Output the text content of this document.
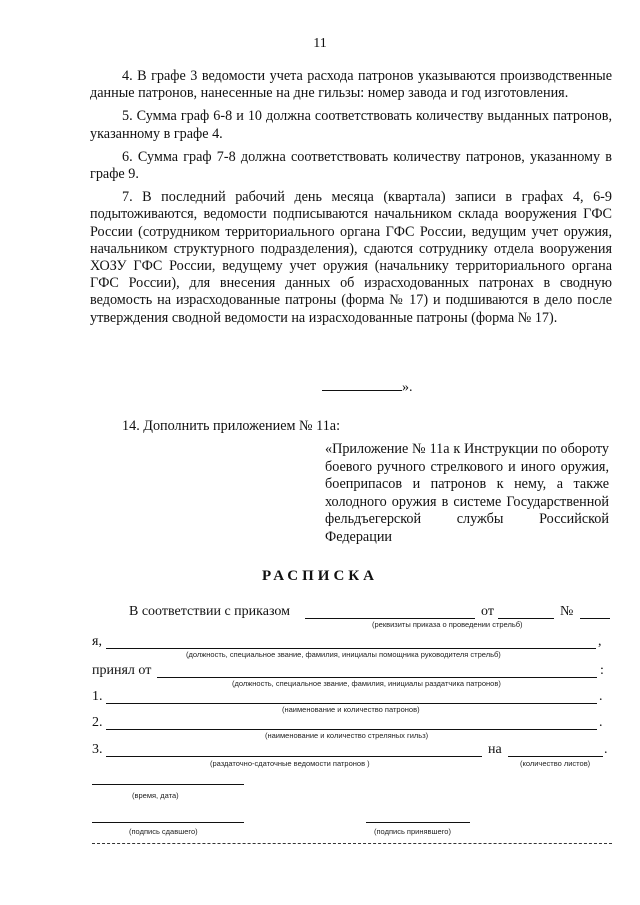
11

4. В графе 3 ведомости учета расхода патронов указываются производственные данные патронов, нанесенные на дне гильзы: номер завода и год изготовления.

5. Сумма граф 6-8 и 10 должна соответствовать количеству выданных патронов, указанному в графе 4.

6. Сумма граф 7-8 должна соответствовать количеству патронов, указанному в графе 9.

7. В последний рабочий день месяца (квартала) записи в графах 4, 6-9 подытоживаются, ведомости подписываются начальником склада вооружения ГФС России (сотрудником территориального органа ГФС России, ведущим учет оружия, начальником структурного подразделения), сдаются сотруднику отдела вооружения ХОЗУ ГФС России, ведущему учет оружия (начальнику территориального органа ГФС России), для внесения данных об израсходованных патронах в сводную ведомость на израсходованные патроны (форма № 17) и подшиваются в дело после утверждения сводной ведомости на израсходованные патроны (форма № 17).

».
14. Дополнить приложением № 11а:
«Приложение № 11а к Инструкции по обороту боевого ручного стрелкового и иного оружия, боеприпасов и патронов к нему, а также холодного оружия в системе Государственной фельдъегерской службы Российской Федерации
РАСПИСКА
В соответствии с приказом	от	№
(реквизиты приказа о проведении стрельб)
я,	,
(должность, специальное звание, фамилия, инициалы помощника руководителя стрельб)
принял от	:
(должность, специальное звание, фамилия, инициалы раздатчика патронов)
1.	.
(наименование и количество патронов)
2.	.
(наименование и количество стреляных гильз)
3.	на	.
(раздаточно-сдаточные ведомости патронов )	(количество листов)
(время, дата)
(подпись сдавшего)	(подпись принявшего)
